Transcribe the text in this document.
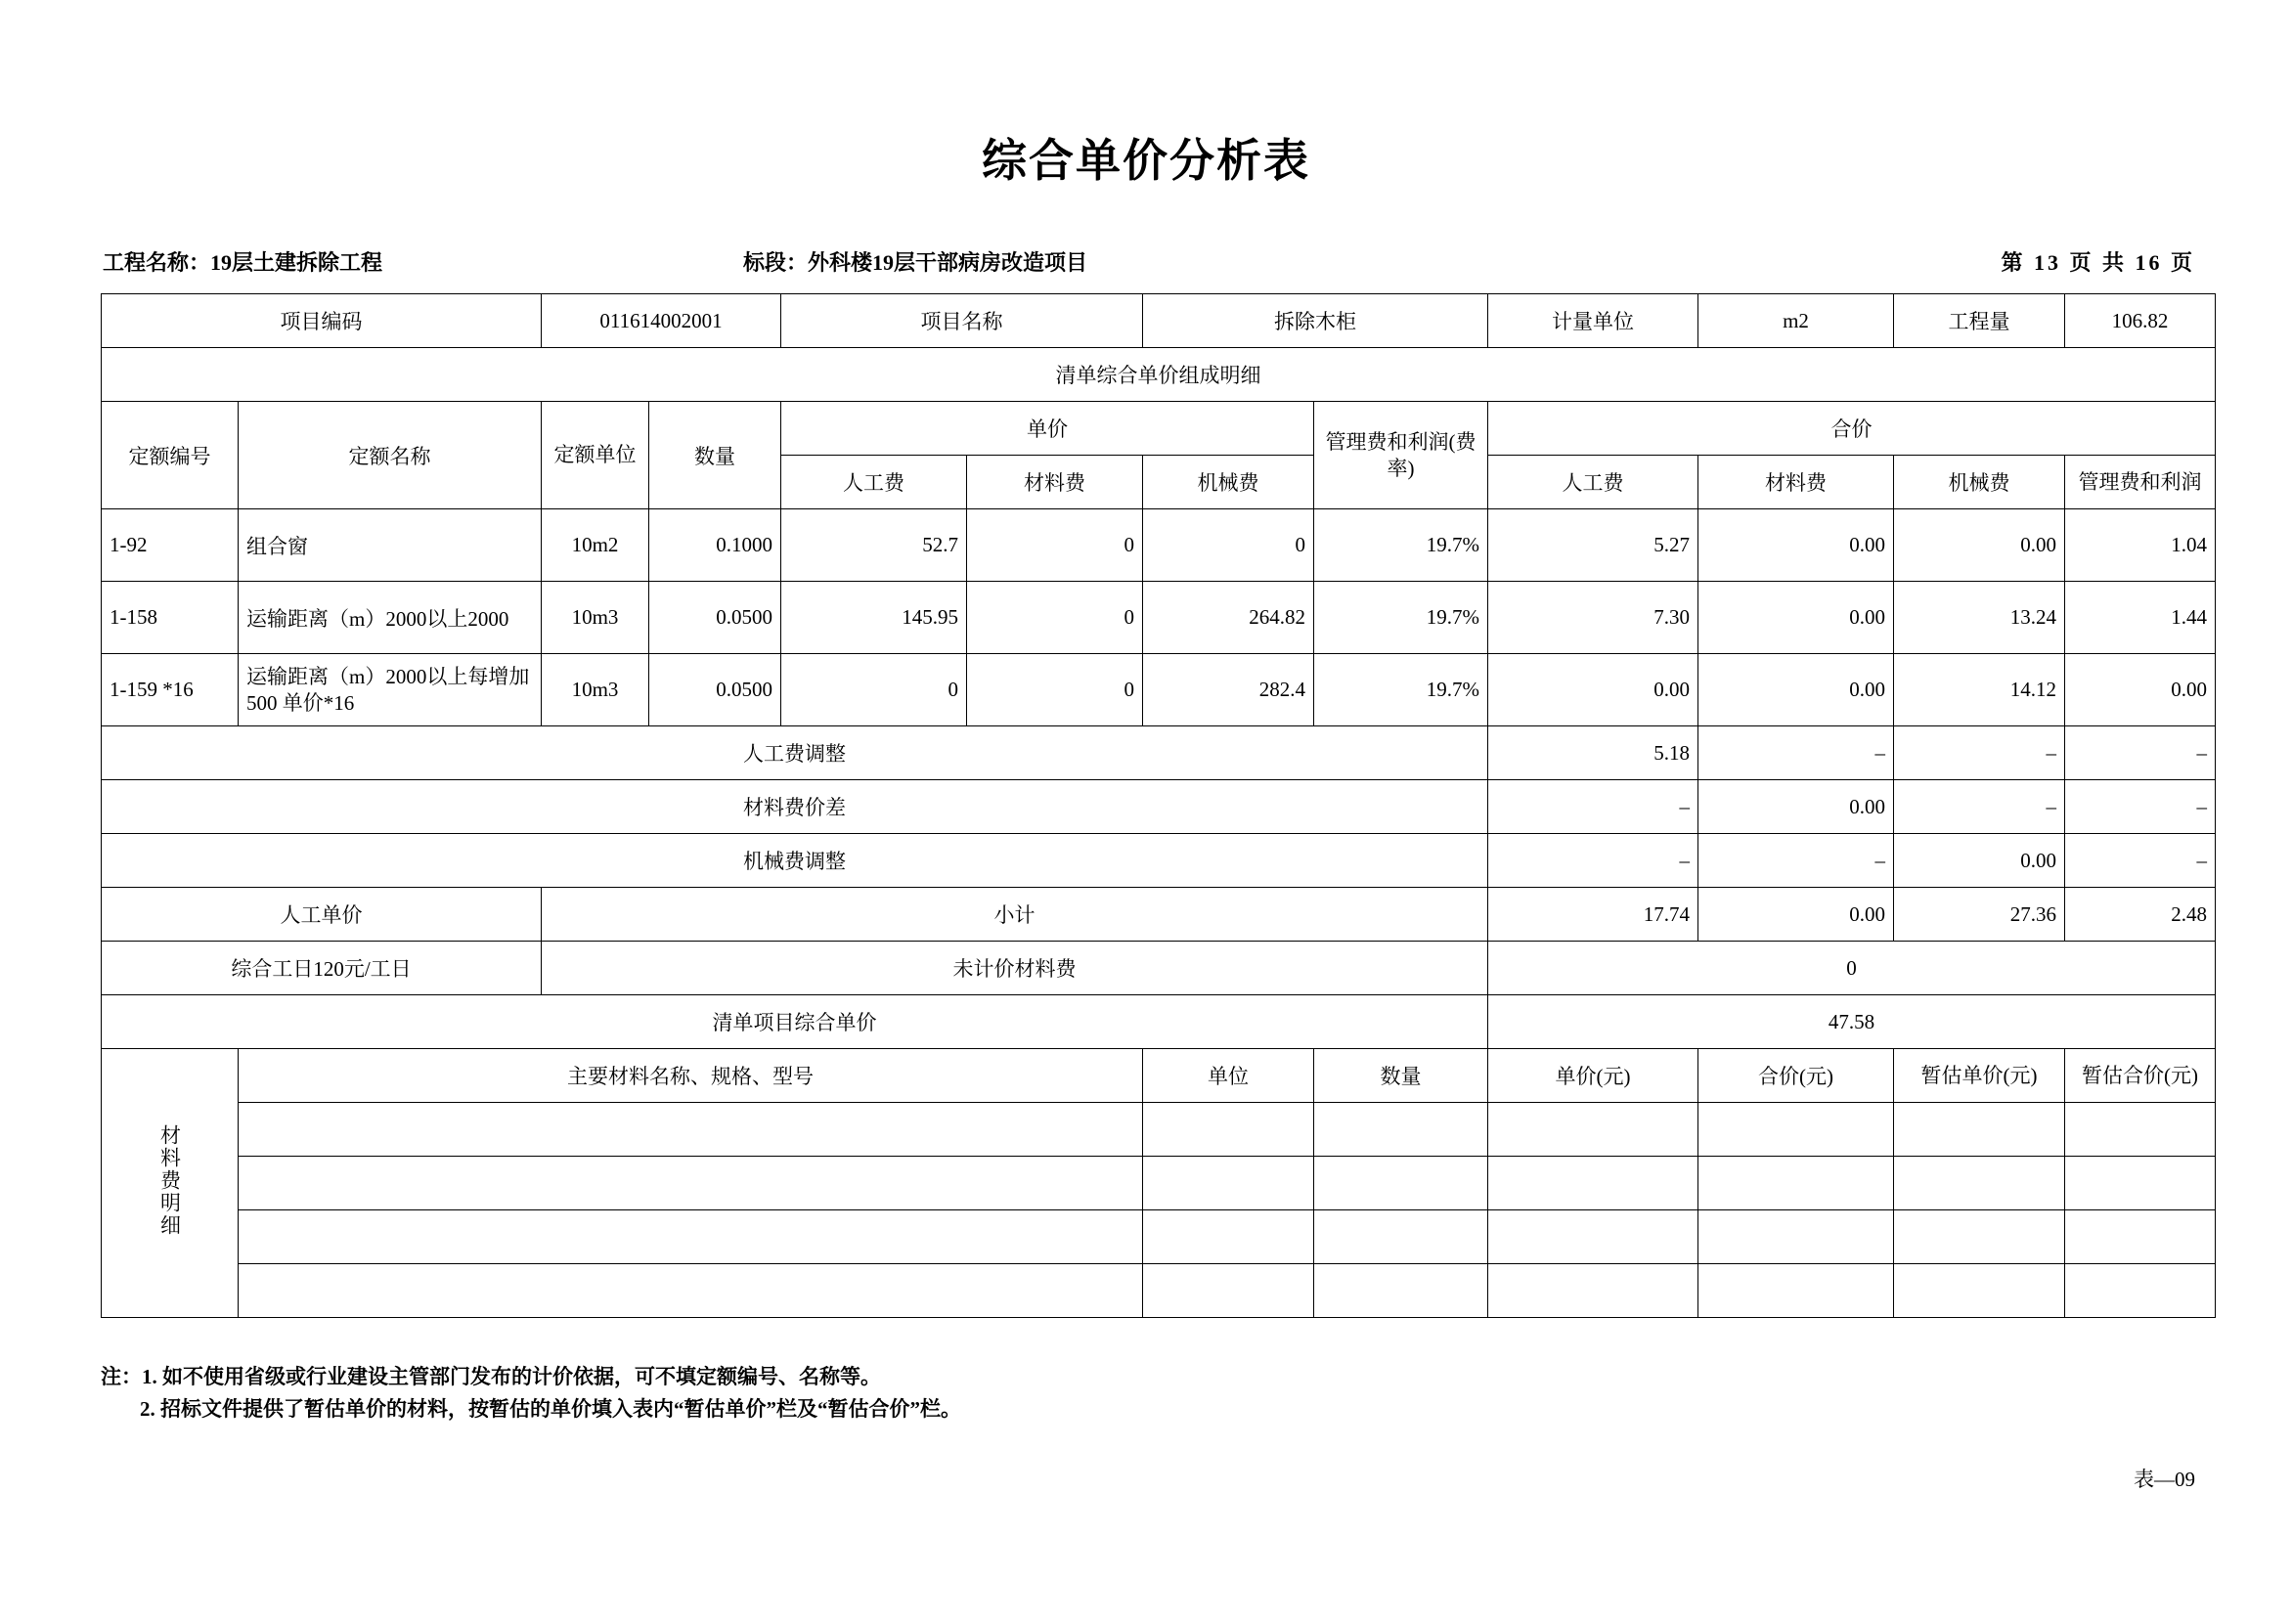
综合单价分析表
工程名称：19层土建拆除工程	标段：外科楼19层干部病房改造项目	第 13 页 共 16 页
项目编码		011614002001		项目名称		拆除木柜		计量单位	m2	工程量	106.82
清单综合单价组成明细											
定额编号	定额名称	定额单位	数量	单价			管理费和利润(费率)	合价			
				人工费	材料费	机械费		人工费	材料费	机械费	管理费和利润
1-92	组合窗	10m2	0.1000	52.7	0	0	19.7%	5.27	0.00	0.00	1.04
1-158	运输距离（m）2000以上2000	10m3	0.0500	145.95	0	264.82	19.7%	7.30	0.00	13.24	1.44
1-159 *16	运输距离（m）2000以上每增加500 单价*16	10m3	0.0500	0	0	282.4	19.7%	0.00	0.00	14.12	0.00
人工费调整								5.18	–	–	–
材料费价差								–	0.00	–	–
机械费调整								–	–	0.00	–
人工单价		小计						17.74	0.00	27.36	2.48
综合工日120元/工日		未计价材料费						0			
清单项目综合单价								47.58			
材料费明细	主要材料名称、规格、型号					单位	数量	单价(元)	合价(元)	暂估单价(元)	暂估合价(元)

注：1. 如不使用省级或行业建设主管部门发布的计价依据，可不填定额编号、名称等。
2. 招标文件提供了暂估单价的材料，按暂估的单价填入表内“暂估单价”栏及“暂估合价”栏。
表—09
